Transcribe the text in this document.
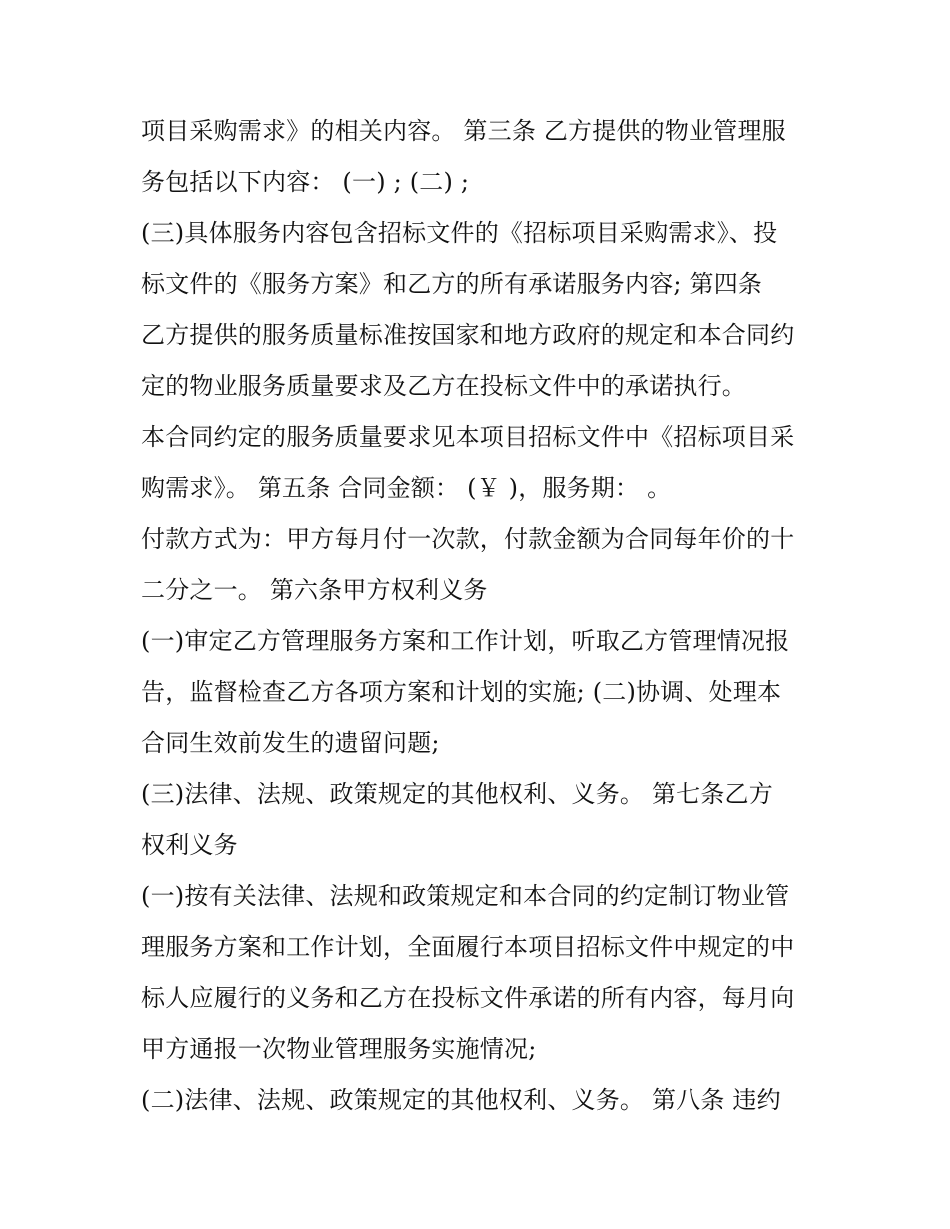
项目采购需求》的相关内容。 第三条 乙方提供的物业管理服
务包括以下内容： (一) ; (二) ;
(三)具体服务内容包含招标文件的《招标项目采购需求》、投
标文件的《服务方案》和乙方的所有承诺服务内容; 第四条
乙方提供的服务质量标准按国家和地方政府的规定和本合同约
定的物业服务质量要求及乙方在投标文件中的承诺执行。
本合同约定的服务质量要求见本项目招标文件中《招标项目采
购需求》。 第五条 合同金额： (￥ )，服务期： 。
付款方式为：甲方每月付一次款，付款金额为合同每年价的十
二分之一。 第六条甲方权利义务
(一)审定乙方管理服务方案和工作计划，听取乙方管理情况报
告，监督检查乙方各项方案和计划的实施; (二)协调、处理本
合同生效前发生的遗留问题;
(三)法律、法规、政策规定的其他权利、义务。 第七条乙方
权利义务
(一)按有关法律、法规和政策规定和本合同的约定制订物业管
理服务方案和工作计划，全面履行本项目招标文件中规定的中
标人应履行的义务和乙方在投标文件承诺的所有内容，每月向
甲方通报一次物业管理服务实施情况;
(二)法律、法规、政策规定的其他权利、义务。 第八条 违约
